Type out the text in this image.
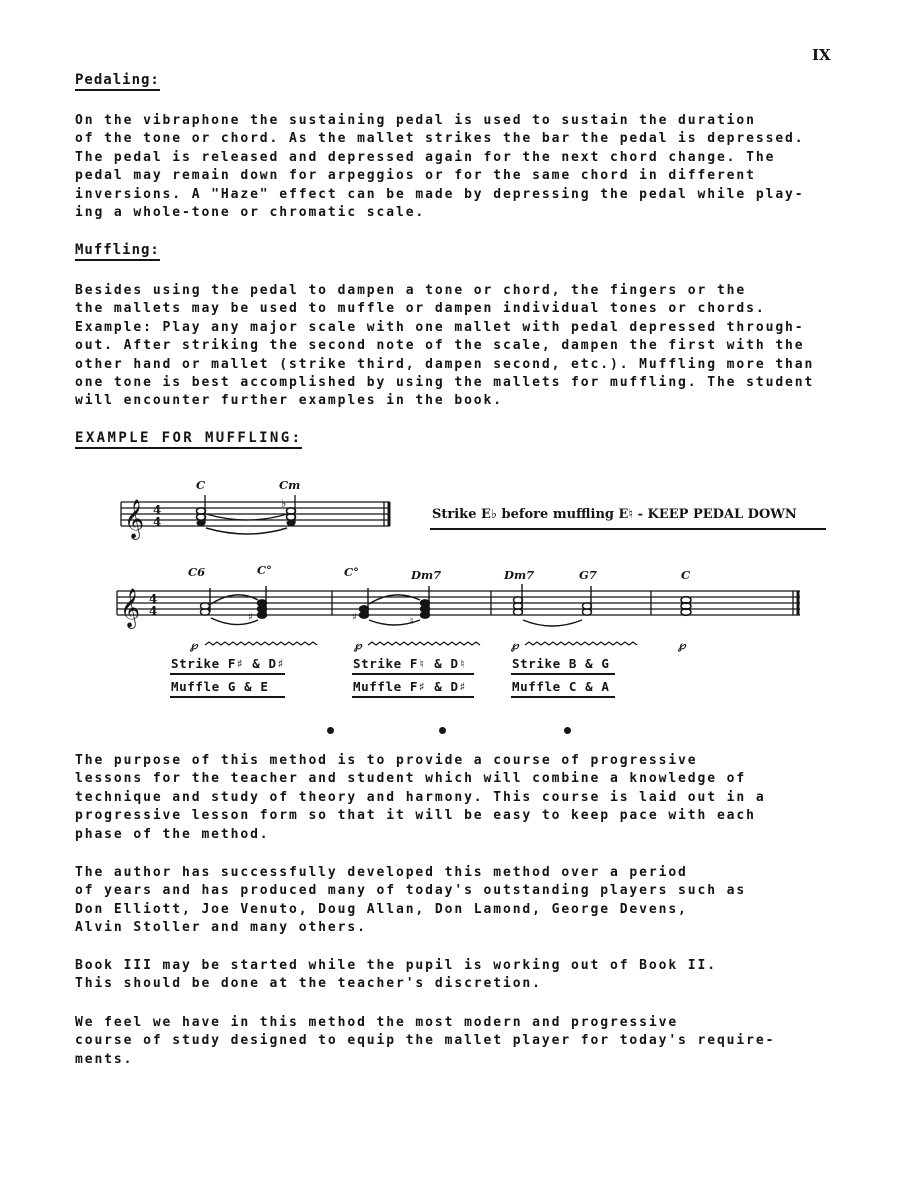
IX
Pedaling:

On the vibraphone the sustaining pedal is used to sustain the duration
of the tone or chord. As the mallet strikes the bar the pedal is depressed.
The pedal is released and depressed again for the next chord change. The
pedal may remain down for arpeggios or for the same chord in different
inversions. A "Haze" effect can be made by depressing the pedal while play-
ing a whole-tone or chromatic scale.

Muffling:

Besides using the pedal to dampen a tone or chord, the fingers or the
the mallets may be used to muffle or dampen individual tones or chords.
Example: Play any major scale with one mallet with pedal depressed through-
out. After striking the second note of the scale, dampen the first with the
other hand or mallet (strike third, dampen second, etc.). Muffling more than
one tone is best accomplished by using the mallets for muffling. The student
will encounter further examples in the book.

EXAMPLE FOR MUFFLING:
𝄞 4
4
♭
𝄞 4
4	♯	♯	♮
℘	℘	℘	℘
C	Cm
Strike E♭ before muffling E♮ - KEEP PEDAL DOWN
C6	C°	C°	Dm7	Dm7	G7	C
Strike F♯ & D♯
Muffle G & E
Strike F♮ & D♮
Muffle F♯ & D♯
Strike B & G
Muffle C & A

The purpose of this method is to provide a course of progressive
lessons for the teacher and student which will combine a knowledge of
technique and study of theory and harmony. This course is laid out in a
progressive lesson form so that it will be easy to keep pace with each
phase of the method.

The author has successfully developed this method over a period
of years and has produced many of today's outstanding players such as
Don Elliott, Joe Venuto, Doug Allan, Don Lamond, George Devens,
Alvin Stoller and many others.

Book III may be started while the pupil is working out of Book II.
This should be done at the teacher's discretion.

We feel we have in this method the most modern and progressive
course of study designed to equip the mallet player for today's require-
ments.
